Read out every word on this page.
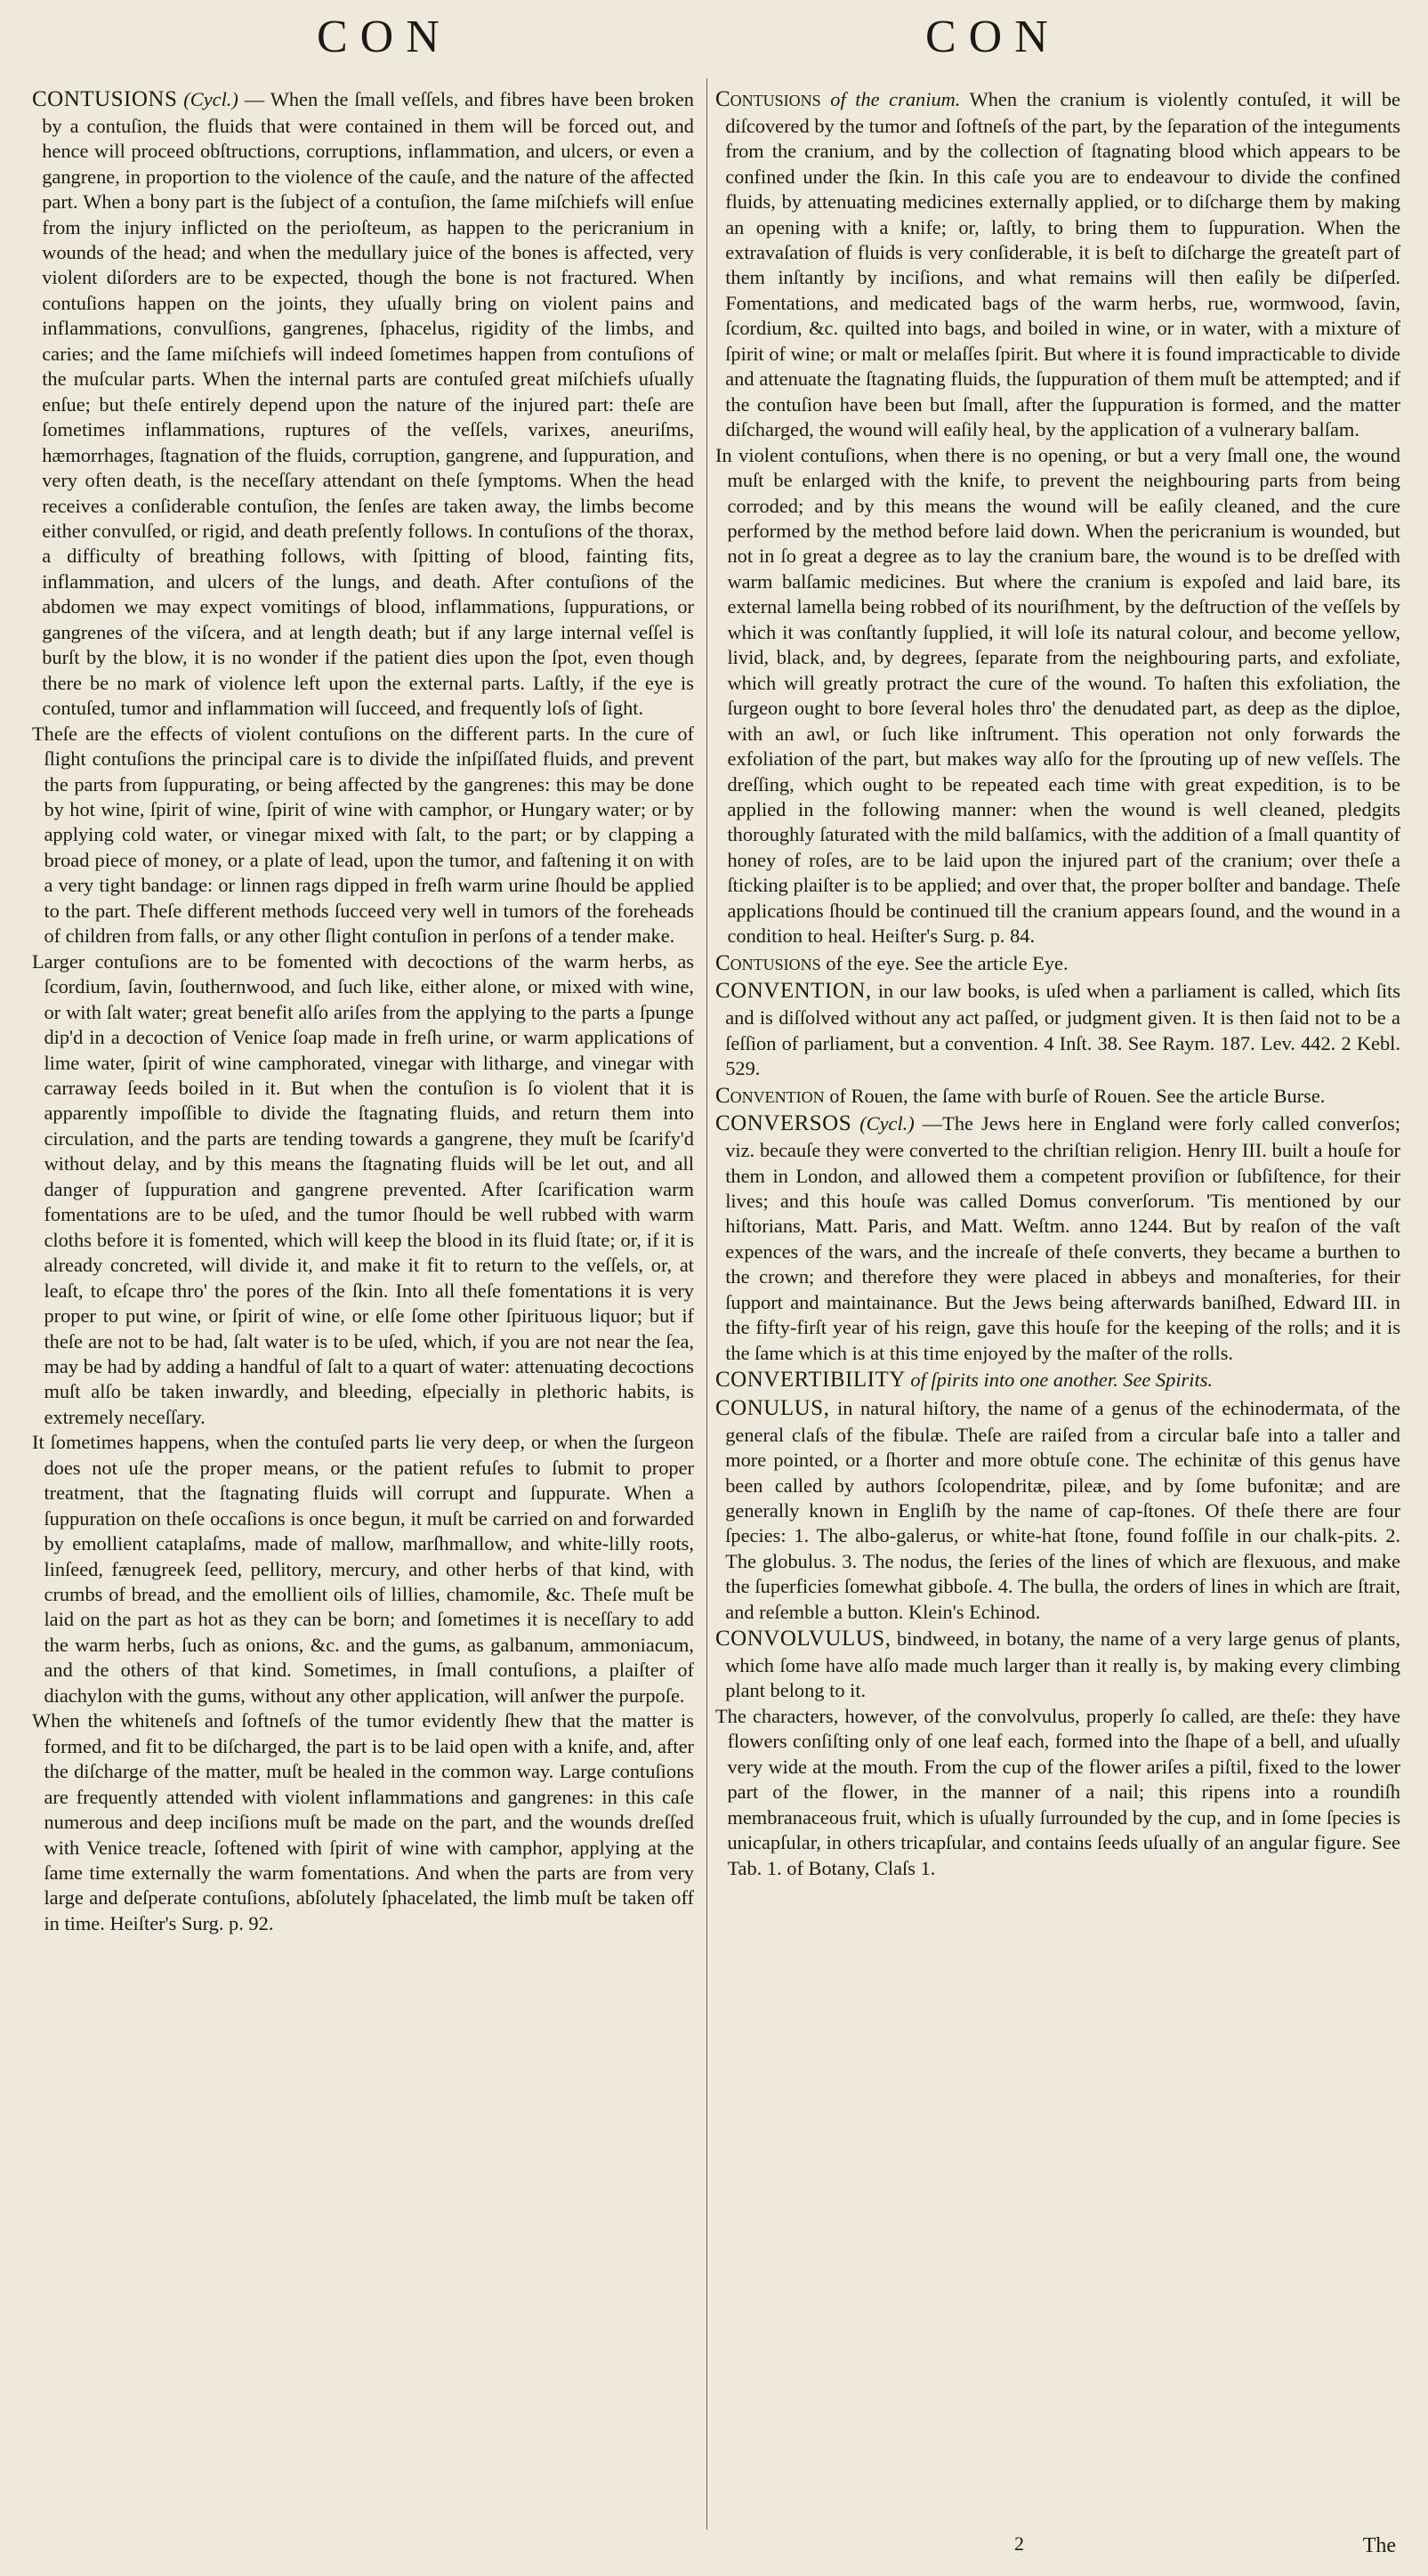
CON	CON

CONTUSIONS (Cycl.) — When the ſmall veſſels, and fibres have been broken by a contuſion, the fluids that were contained in them will be forced out, and hence will proceed obſtructions, corruptions, inflammation, and ulcers, or even a gangrene, in proportion to the violence of the cauſe, and the nature of the affected part. When a bony part is the ſubject of a contuſion, the ſame miſchiefs will enſue from the injury inflicted on the perioſteum, as happen to the pericranium in wounds of the head; and when the medullary juice of the bones is affected, very violent diſorders are to be expected, though the bone is not fractured. When contuſions happen on the joints, they uſually bring on violent pains and inflammations, convulſions, gangrenes, ſphacelus, rigidity of the limbs, and caries; and the ſame miſchiefs will indeed ſometimes happen from contuſions of the muſcular parts. When the internal parts are contuſed great miſchiefs uſually enſue; but theſe entirely depend upon the nature of the injured part: theſe are ſometimes inflammations, ruptures of the veſſels, varixes, aneuriſms, hæmorrhages, ſtagnation of the fluids, corruption, gangrene, and ſuppuration, and very often death, is the neceſſary attendant on theſe ſymptoms. When the head receives a conſiderable contuſion, the ſenſes are taken away, the limbs become either convulſed, or rigid, and death preſently follows. In contuſions of the thorax, a difficulty of breathing follows, with ſpitting of blood, fainting fits, inflammation, and ulcers of the lungs, and death. After contuſions of the abdomen we may expect vomitings of blood, inflammations, ſuppurations, or gangrenes of the viſcera, and at length death; but if any large internal veſſel is burſt by the blow, it is no wonder if the patient dies upon the ſpot, even though there be no mark of violence left upon the external parts. Laſtly, if the eye is contuſed, tumor and inflammation will ſucceed, and frequently loſs of ſight.

Theſe are the effects of violent contuſions on the different parts. In the cure of ſlight contuſions the principal care is to divide the inſpiſſated fluids, and prevent the parts from ſuppurating, or being affected by the gangrenes: this may be done by hot wine, ſpirit of wine, ſpirit of wine with camphor, or Hungary water; or by applying cold water, or vinegar mixed with ſalt, to the part; or by clapping a broad piece of money, or a plate of lead, upon the tumor, and faſtening it on with a very tight bandage: or linnen rags dipped in freſh warm urine ſhould be applied to the part. Theſe different methods ſucceed very well in tumors of the foreheads of children from falls, or any other ſlight contuſion in perſons of a tender make.

Larger contuſions are to be fomented with decoctions of the warm herbs, as ſcordium, ſavin, ſouthernwood, and ſuch like, either alone, or mixed with wine, or with ſalt water; great benefit alſo ariſes from the applying to the parts a ſpunge dip'd in a decoction of Venice ſoap made in freſh urine, or warm applications of lime water, ſpirit of wine camphorated, vinegar with litharge, and vinegar with carraway ſeeds boiled in it. But when the contuſion is ſo violent that it is apparently impoſſible to divide the ſtagnating fluids, and return them into circulation, and the parts are tending towards a gangrene, they muſt be ſcarify'd without delay, and by this means the ſtagnating fluids will be let out, and all danger of ſuppuration and gangrene prevented. After ſcarification warm fomentations are to be uſed, and the tumor ſhould be well rubbed with warm cloths before it is fomented, which will keep the blood in its fluid ſtate; or, if it is already concreted, will divide it, and make it fit to return to the veſſels, or, at leaſt, to eſcape thro' the pores of the ſkin. Into all theſe fomentations it is very proper to put wine, or ſpirit of wine, or elſe ſome other ſpirituous liquor; but if theſe are not to be had, ſalt water is to be uſed, which, if you are not near the ſea, may be had by adding a handful of ſalt to a quart of water: attenuating decoctions muſt alſo be taken inwardly, and bleeding, eſpecially in plethoric habits, is extremely neceſſary.

It ſometimes happens, when the contuſed parts lie very deep, or when the ſurgeon does not uſe the proper means, or the patient refuſes to ſubmit to proper treatment, that the ſtagnating fluids will corrupt and ſuppurate. When a ſuppuration on theſe occaſions is once begun, it muſt be carried on and forwarded by emollient cataplaſms, made of mallow, marſhmallow, and white-lilly roots, linſeed, fænugreek ſeed, pellitory, mercury, and other herbs of that kind, with crumbs of bread, and the emollient oils of lillies, chamomile, &c. Theſe muſt be laid on the part as hot as they can be born; and ſometimes it is neceſſary to add the warm herbs, ſuch as onions, &c. and the gums, as galbanum, ammoniacum, and the others of that kind. Sometimes, in ſmall contuſions, a plaiſter of diachylon with the gums, without any other application, will anſwer the purpoſe.

When the whiteneſs and ſoftneſs of the tumor evidently ſhew that the matter is formed, and fit to be diſcharged, the part is to be laid open with a knife, and, after the diſcharge of the matter, muſt be healed in the common way. Large contuſions are frequently attended with violent inflammations and gangrenes: in this caſe numerous and deep inciſions muſt be made on the part, and the wounds dreſſed with Venice treacle, ſoftened with ſpirit of wine with camphor, applying at the ſame time externally the warm fomentations. And when the parts are from very large and deſperate contuſions, abſolutely ſphacelated, the limb muſt be taken off in time. Heiſter's Surg. p. 92.

Contusions of the cranium. When the cranium is violently contuſed, it will be diſcovered by the tumor and ſoftneſs of the part, by the ſeparation of the integuments from the cranium, and by the collection of ſtagnating blood which appears to be confined under the ſkin. In this caſe you are to endeavour to divide the confined fluids, by attenuating medicines externally applied, or to diſcharge them by making an opening with a knife; or, laſtly, to bring them to ſuppuration. When the extravaſation of fluids is very conſiderable, it is beſt to diſcharge the greateſt part of them inſtantly by inciſions, and what remains will then eaſily be diſperſed. Fomentations, and medicated bags of the warm herbs, rue, wormwood, ſavin, ſcordium, &c. quilted into bags, and boiled in wine, or in water, with a mixture of ſpirit of wine; or malt or melaſſes ſpirit. But where it is found impracticable to divide and attenuate the ſtagnating fluids, the ſuppuration of them muſt be attempted; and if the contuſion have been but ſmall, after the ſuppuration is formed, and the matter diſcharged, the wound will eaſily heal, by the application of a vulnerary balſam.

In violent contuſions, when there is no opening, or but a very ſmall one, the wound muſt be enlarged with the knife, to prevent the neighbouring parts from being corroded; and by this means the wound will be eaſily cleaned, and the cure performed by the method before laid down. When the pericranium is wounded, but not in ſo great a degree as to lay the cranium bare, the wound is to be dreſſed with warm balſamic medicines. But where the cranium is expoſed and laid bare, its external lamella being robbed of its nouriſhment, by the deſtruction of the veſſels by which it was conſtantly ſupplied, it will loſe its natural colour, and become yellow, livid, black, and, by degrees, ſeparate from the neighbouring parts, and exfoliate, which will greatly protract the cure of the wound. To haſten this exfoliation, the ſurgeon ought to bore ſeveral holes thro' the denudated part, as deep as the diploe, with an awl, or ſuch like inſtrument. This operation not only forwards the exfoliation of the part, but makes way alſo for the ſprouting up of new veſſels. The dreſſing, which ought to be repeated each time with great expedition, is to be applied in the following manner: when the wound is well cleaned, pledgits thoroughly ſaturated with the mild balſamics, with the addition of a ſmall quantity of honey of roſes, are to be laid upon the injured part of the cranium; over theſe a ſticking plaiſter is to be applied; and over that, the proper bolſter and bandage. Theſe applications ſhould be continued till the cranium appears ſound, and the wound in a condition to heal. Heiſter's Surg. p. 84.

Contusions of the eye. See the article Eye.

CONVENTION, in our law books, is uſed when a parliament is called, which ſits and is diſſolved without any act paſſed, or judgment given. It is then ſaid not to be a ſeſſion of parliament, but a convention. 4 Inſt. 38. See Raym. 187. Lev. 442. 2 Kebl. 529.

Convention of Rouen, the ſame with burſe of Rouen. See the article Burse.

CONVERSOS (Cycl.) —The Jews here in England were forly called converſos; viz. becauſe they were converted to the chriſtian religion. Henry III. built a houſe for them in London, and allowed them a competent proviſion or ſubſiſtence, for their lives; and this houſe was called Domus converſorum. 'Tis mentioned by our hiſtorians, Matt. Paris, and Matt. Weſtm. anno 1244. But by reaſon of the vaſt expences of the wars, and the increaſe of theſe converts, they became a burthen to the crown; and therefore they were placed in abbeys and monaſteries, for their ſupport and maintainance. But the Jews being afterwards baniſhed, Edward III. in the fifty-firſt year of his reign, gave this houſe for the keeping of the rolls; and it is the ſame which is at this time enjoyed by the maſter of the rolls.

CONVERTIBILITY of ſpirits into one another. See Spirits.

CONULUS, in natural hiſtory, the name of a genus of the echinodermata, of the general claſs of the fibulæ. Theſe are raiſed from a circular baſe into a taller and more pointed, or a ſhorter and more obtuſe cone. The echinitæ of this genus have been called by authors ſcolopendritæ, pileæ, and by ſome bufonitæ; and are generally known in Engliſh by the name of cap-ſtones. Of theſe there are four ſpecies: 1. The albo-galerus, or white-hat ſtone, found foſſile in our chalk-pits. 2. The globulus. 3. The nodus, the ſeries of the lines of which are flexuous, and make the ſuperficies ſomewhat gibboſe. 4. The bulla, the orders of lines in which are ſtrait, and reſemble a button. Klein's Echinod.

CONVOLVULUS, bindweed, in botany, the name of a very large genus of plants, which ſome have alſo made much larger than it really is, by making every climbing plant belong to it.

The characters, however, of the convolvulus, properly ſo called, are theſe: they have flowers conſiſting only of one leaf each, formed into the ſhape of a bell, and uſually very wide at the mouth. From the cup of the flower ariſes a piſtil, fixed to the lower part of the flower, in the manner of a nail; this ripens into a roundiſh membranaceous fruit, which is uſually ſurrounded by the cup, and in ſome ſpecies is unicapſular, in others tricapſular, and contains ſeeds uſually of an angular figure. See Tab. 1. of Botany, Claſs 1.

2	The
